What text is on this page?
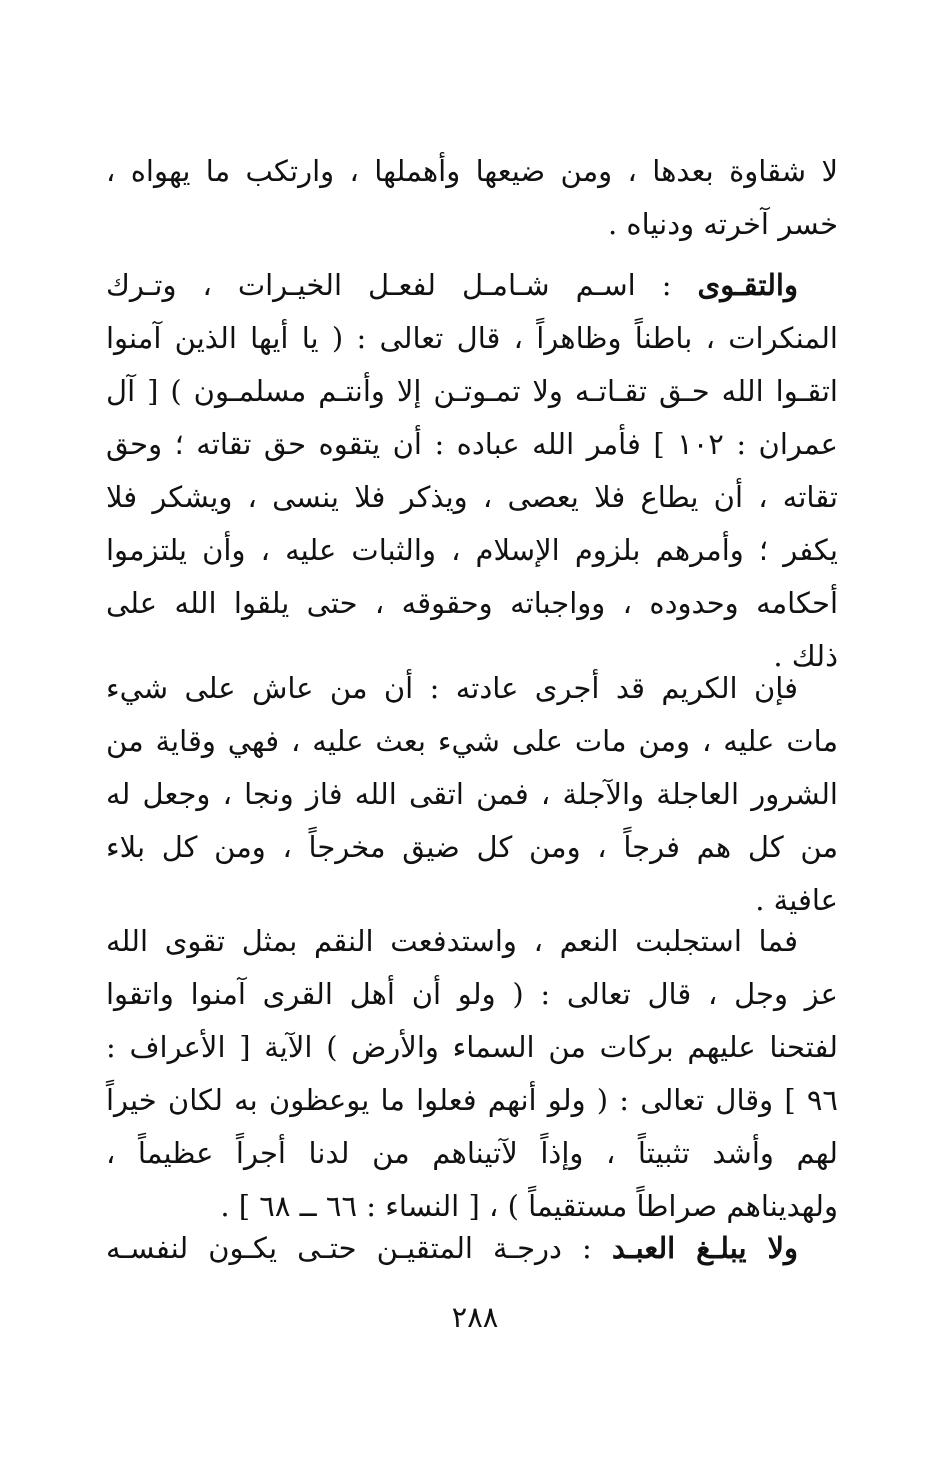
لا شقاوة بعدها ، ومن ضيعها وأهملها ، وارتكب ما يهواه ،
خسر آخرته ودنياه .
والتقـوى : اسـم شـامـل لفعـل الخيـرات ، وتـرك
المنكرات ، باطناً وظاهراً ، قال تعالى : ( يا أيها الذين آمنوا
اتقـوا الله حـق تقـاتـه ولا تمـوتـن إلا وأنتـم مسلمـون ) [ آل
عمران : ١٠٢ ] فأمر الله عباده : أن يتقوه حق تقاته ؛ وحق
تقاته ، أن يطاع فلا يعصى ، ويذكر فلا ينسى ، ويشكر فلا
يكفر ؛ وأمرهم بلزوم الإسلام ، والثبات عليه ، وأن يلتزموا
أحكامه وحدوده ، وواجباته وحقوقه ، حتى يلقوا الله على
ذلك .
فإن الكريم قد أجرى عادته : أن من عاش على شيء
مات عليه ، ومن مات على شيء بعث عليه ، فهي وقاية من
الشرور العاجلة والآجلة ، فمن اتقى الله فاز ونجا ، وجعل له
من كل هم فرجاً ، ومن كل ضيق مخرجاً ، ومن كل بلاء
عافية .
فما استجلبت النعم ، واستدفعت النقم بمثل تقوى الله
عز وجل ، قال تعالى : ( ولو أن أهل القرى آمنوا واتقوا
لفتحنا عليهم بركات من السماء والأرض ) الآية [ الأعراف :
٩٦ ] وقال تعالى : ( ولو أنهم فعلوا ما يوعظون به لكان خيراً
لهم وأشد تثبيتاً ، وإذاً لآتيناهم من لدنا أجراً عظيماً ،
ولهديناهم صراطاً مستقيماً ) ، [ النساء : ٦٦ ــ ٦٨ ] .
ولا يبلـغ العبـد : درجـة المتقيـن حتـى يكـون لنفسـه
٢٨٨
